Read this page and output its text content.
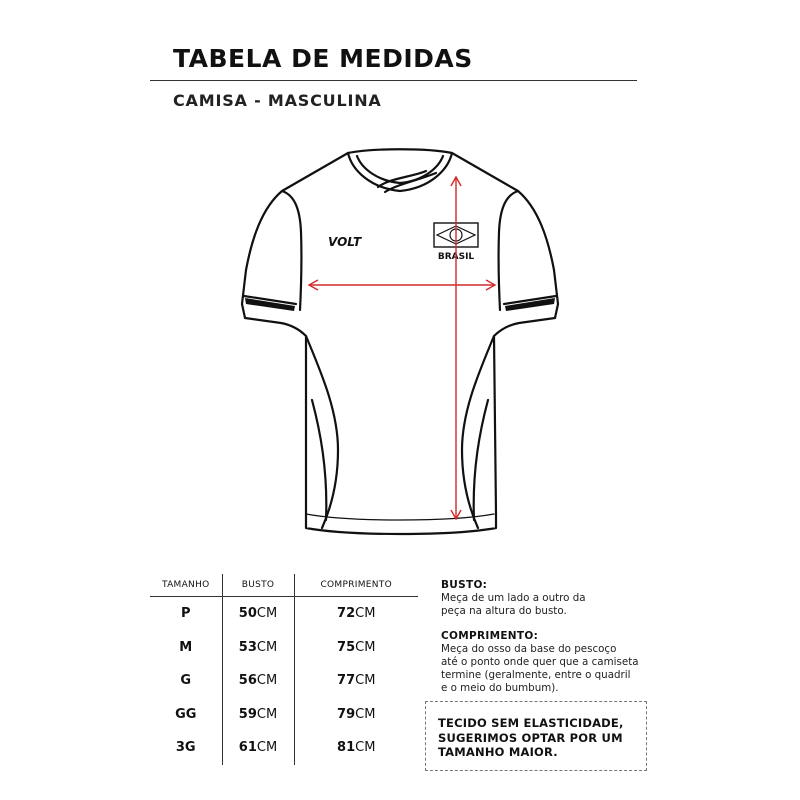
TABELA DE MEDIDAS
CAMISA - MASCULINA
VOLT
BRASIL
TAMANHO	BUSTO	COMPRIMENTO
P	50CM	72CM
M	53CM	75CM
G	56CM	77CM
GG	59CM	79CM
3G	61CM	81CM

BUSTO:

Meça de um lado a outro da

peça na altura do busto.

COMPRIMENTO:

Meça do osso da base do pescoço

até o ponto onde quer que a camiseta

termine (geralmente, entre o quadril

e o meio do bumbum).

TECIDO SEM ELASTICIDADE,
SUGERIMOS OPTAR POR UM
TAMANHO MAIOR.
